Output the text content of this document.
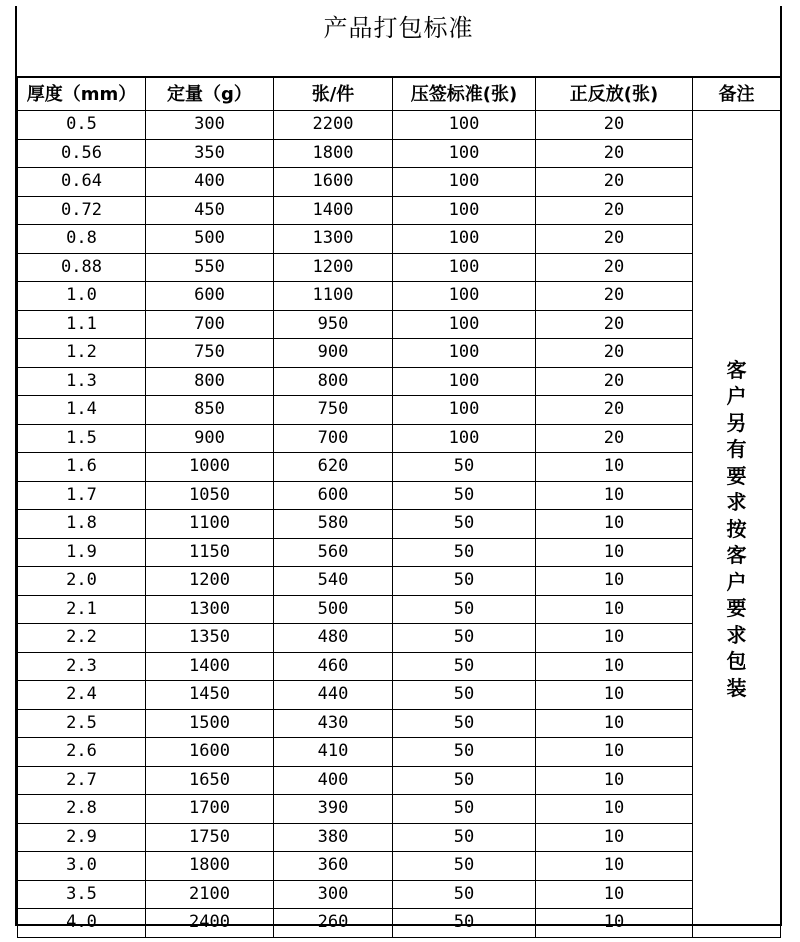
产品打包标准
厚度（mm）	定量（g）	张/件	压签标准(张)	正反放(张)	备注
0.5	300	2200	100	20	客户另有要求按客户要求包装
0.56	350	1800	100	20	
0.64	400	1600	100	20	
0.72	450	1400	100	20	
0.8	500	1300	100	20	
0.88	550	1200	100	20	
1.0	600	1100	100	20	
1.1	700	950	100	20	
1.2	750	900	100	20	
1.3	800	800	100	20	
1.4	850	750	100	20	
1.5	900	700	100	20	
1.6	1000	620	50	10	
1.7	1050	600	50	10	
1.8	1100	580	50	10	
1.9	1150	560	50	10	
2.0	1200	540	50	10	
2.1	1300	500	50	10	
2.2	1350	480	50	10	
2.3	1400	460	50	10	
2.4	1450	440	50	10	
2.5	1500	430	50	10	
2.6	1600	410	50	10	
2.7	1650	400	50	10	
2.8	1700	390	50	10	
2.9	1750	380	50	10	
3.0	1800	360	50	10	
3.5	2100	300	50	10	
4.0	2400	260	50	10	
